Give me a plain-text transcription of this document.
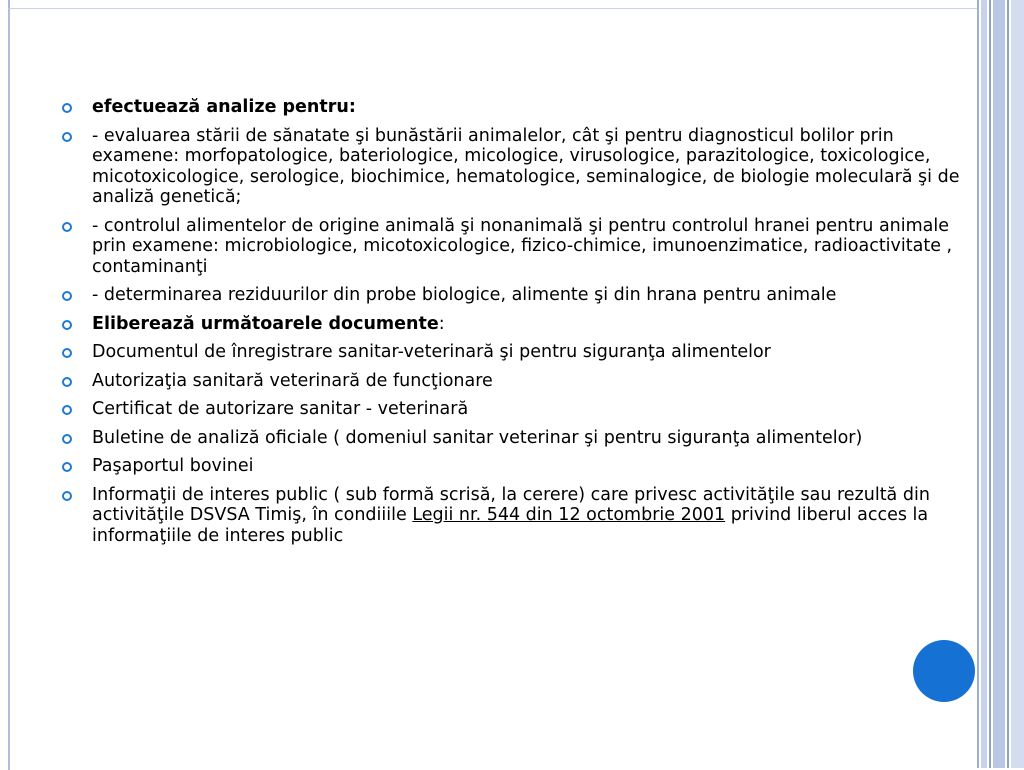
efectuează analize pentru:
- evaluarea stării de sănatate şi bunăstării animalelor, cât şi pentru diagnosticul bolilor prin examene: morfopatologice, bateriologice, micologice, virusologice, parazitologice, toxicologice, micotoxicologice, serologice, biochimice, hematologice, seminalogice, de biologie moleculară şi de analiză genetică;
- controlul alimentelor de origine animală şi nonanimală şi pentru controlul hranei pentru animale prin examene: microbiologice, micotoxicologice, fizico-chimice, imunoenzimatice, radioactivitate , contaminanţi
- determinarea reziduurilor din probe biologice, alimente şi din hrana pentru animale
Eliberează următoarele documente:
Documentul de înregistrare sanitar-veterinară şi pentru siguranţa alimentelor
Autorizaţia sanitară veterinară de funcţionare
Certificat de autorizare sanitar - veterinară
Buletine de analiză oficiale ( domeniul sanitar veterinar şi pentru siguranţa alimentelor)
Paşaportul bovinei
Informaţii de interes public ( sub formă scrisă, la cerere) care privesc activităţile sau rezultă din activităţile DSVSA Timiş, în condiiile Legii nr. 544 din 12 octombrie 2001 privind liberul acces la informaţiile de interes public
